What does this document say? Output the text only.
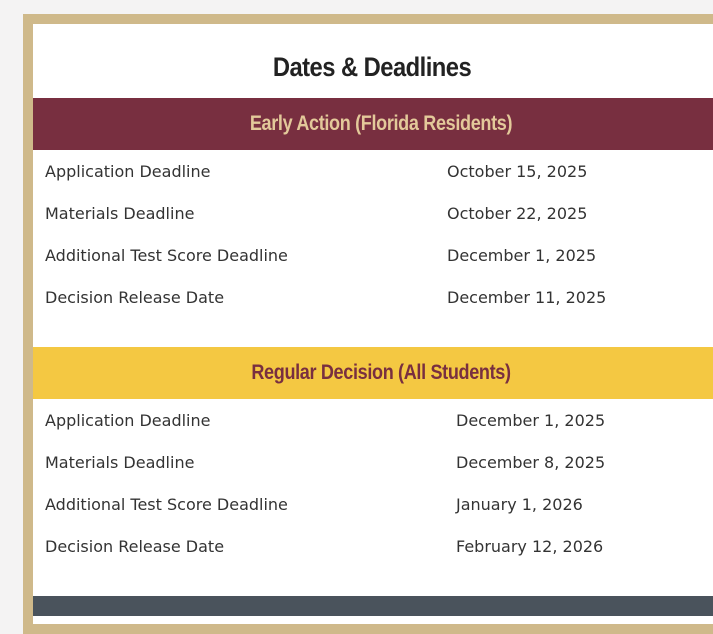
Dates & Deadlines
Early Action (Florida Residents)
Application Deadline	October 15, 2025
Materials Deadline	October 22, 2025
Additional Test Score Deadline	December 1, 2025
Decision Release Date	December 11, 2025
Regular Decision (All Students)
Application Deadline	December 1, 2025
Materials Deadline	December 8, 2025
Additional Test Score Deadline	January 1, 2026
Decision Release Date	February 12, 2026
